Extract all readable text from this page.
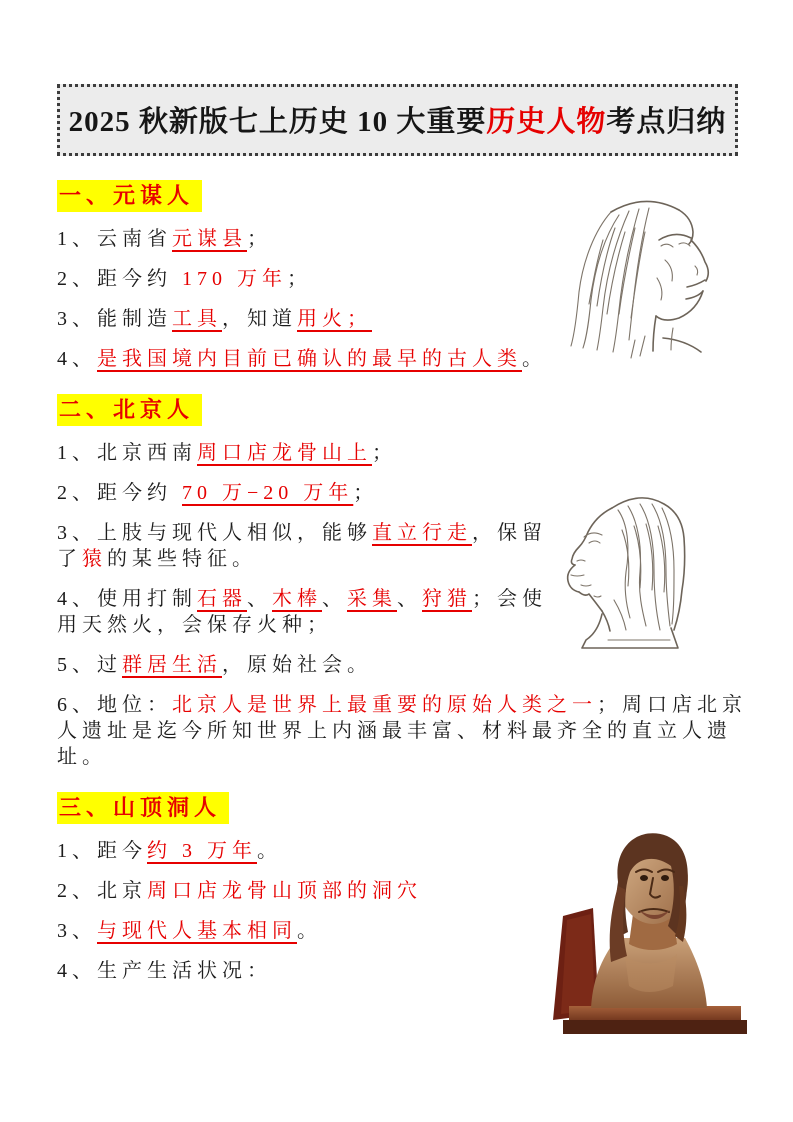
2025 秋新版七上历史 10 大重要历史人物考点归纳
一、元谋人

1、云南省元谋县；

2、距今约 170 万年；

3、能制造工具，知道用火；

4、是我国境内目前已确认的最早的古人类。

二、北京人

1、北京西南周口店龙骨山上；

2、距今约 70 万−20 万年；

3、上肢与现代人相似，能够直立行走，保留了猿的某些特征。

4、使用打制石器、木棒、采集、狩猎；会使用天然火，会保存火种；

5、过群居生活，原始社会。

6、地位：北京人是世界上最重要的原始人类之一；周口店北京人遗址是迄今所知世界上内涵最丰富、材料最齐全的直立人遗址。

三、山顶洞人

1、距今约 3 万年。

2、北京周口店龙骨山顶部的洞穴

3、与现代人基本相同。

4、生产生活状况：
